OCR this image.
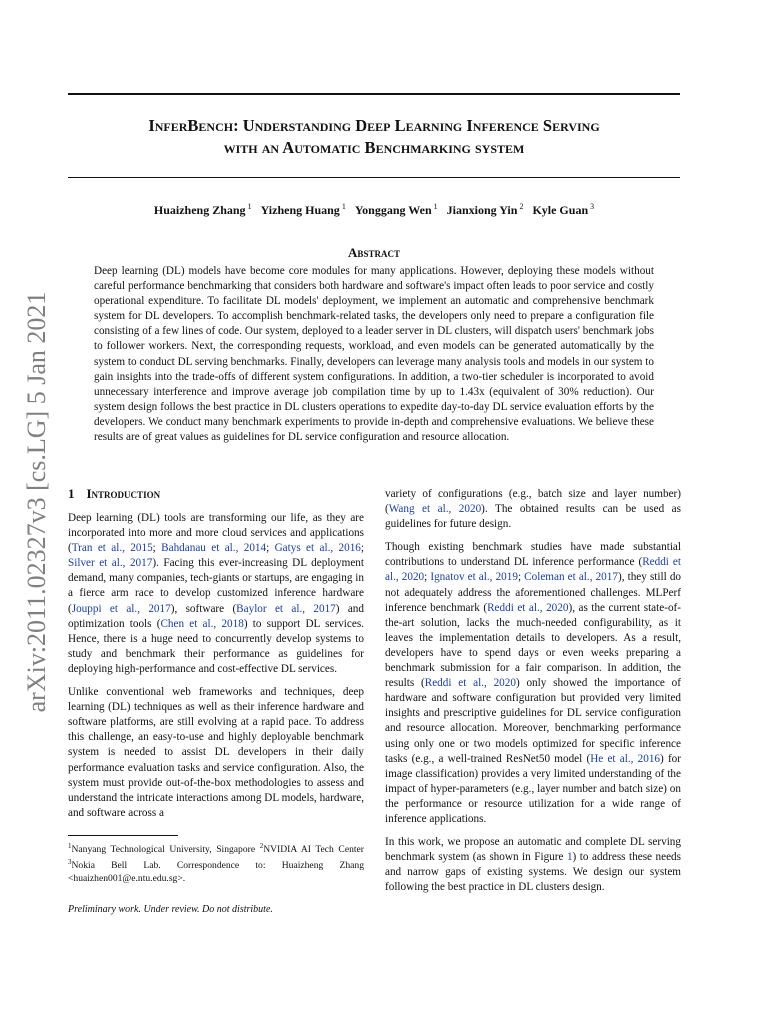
arXiv:2011.02327v3 [cs.LG] 5 Jan 2021
InferBench: Understanding Deep Learning Inference Serving
with an Automatic Benchmarking system
Huaizheng Zhang $^1$ Yizheng Huang $^1$ Yonggang Wen $^1$ Jianxiong Yin $^2$ Kyle Guan $^3$
Abstract

Deep learning (DL) models have become core modules for many applications. However, deploying these models without careful performance benchmarking that considers both hardware and software's impact often leads to poor service and costly operational expenditure. To facilitate DL models' deployment, we implement an automatic and comprehensive benchmark system for DL developers. To accomplish benchmark-related tasks, the developers only need to prepare a configuration file consisting of a few lines of code. Our system, deployed to a leader server in DL clusters, will dispatch users' benchmark jobs to follower workers. Next, the corresponding requests, workload, and even models can be generated automatically by the system to conduct DL serving benchmarks. Finally, developers can leverage many analysis tools and models in our system to gain insights into the trade-offs of different system configurations. In addition, a two-tier scheduler is incorporated to avoid unnecessary interference and improve average job compilation time by up to 1.43x (equivalent of 30% reduction). Our system design follows the best practice in DL clusters operations to expedite day-to-day DL service evaluation efforts by the developers. We conduct many benchmark experiments to provide in-depth and comprehensive evaluations. We believe these results are of great values as guidelines for DL service configuration and resource allocation.

1 Introduction

Deep learning (DL) tools are transforming our life, as they are incorporated into more and more cloud services and applications (Tran et al., 2015; Bahdanau et al., 2014; Gatys et al., 2016; Silver et al., 2017). Facing this ever-increasing DL deployment demand, many companies, tech-giants or startups, are engaging in a fierce arm race to develop customized inference hardware (Jouppi et al., 2017), software (Baylor et al., 2017) and optimization tools (Chen et al., 2018) to support DL services. Hence, there is a huge need to concurrently develop systems to study and benchmark their performance as guidelines for deploying high-performance and cost-effective DL services.

Unlike conventional web frameworks and techniques, deep learning (DL) techniques as well as their inference hardware and software platforms, are still evolving at a rapid pace. To address this challenge, an easy-to-use and highly deployable benchmark system is needed to assist DL developers in their daily performance evaluation tasks and service configuration. Also, the system must provide out-of-the-box methodologies to assess and understand the intricate interactions among DL models, hardware, and software across a

$^1$Nanyang Technological University, Singapore $^2$NVIDIA AI Tech Center $^3$Nokia Bell Lab. Correspondence to: Huaizheng Zhang <huaizhen001@e.ntu.edu.sg>.

Preliminary work. Under review. Do not distribute.

variety of configurations (e.g., batch size and layer number) (Wang et al., 2020). The obtained results can be used as guidelines for future design.

Though existing benchmark studies have made substantial contributions to understand DL inference performance (Reddi et al., 2020; Ignatov et al., 2019; Coleman et al., 2017), they still do not adequately address the aforementioned challenges. MLPerf inference benchmark (Reddi et al., 2020), as the current state-of-the-art solution, lacks the much-needed configurability, as it leaves the implementation details to developers. As a result, developers have to spend days or even weeks preparing a benchmark submission for a fair comparison. In addition, the results (Reddi et al., 2020) only showed the importance of hardware and software configuration but provided very limited insights and prescriptive guidelines for DL service configuration and resource allocation. Moreover, benchmarking performance using only one or two models optimized for specific inference tasks (e.g., a well-trained ResNet50 model (He et al., 2016) for image classification) provides a very limited understanding of the impact of hyper-parameters (e.g., layer number and batch size) on the performance or resource utilization for a wide range of inference applications.

In this work, we propose an automatic and complete DL serving benchmark system (as shown in Figure 1) to address these needs and narrow gaps of existing systems. We design our system following the best practice in DL clusters design.
